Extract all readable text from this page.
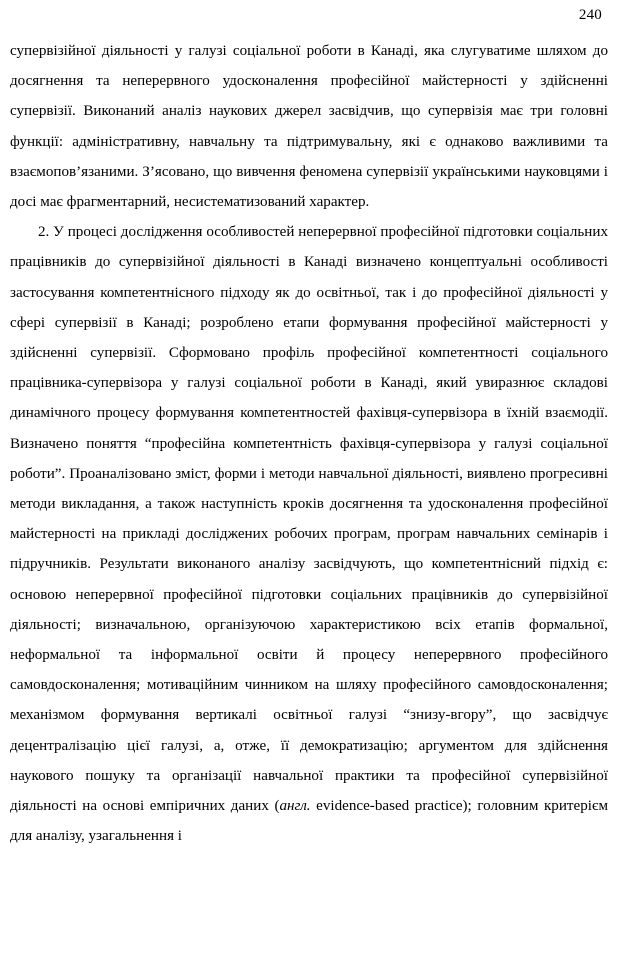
240

супервізійної діяльності у галузі соціальної роботи в Канаді, яка слугуватиме шляхом до досягнення та неперервного удосконалення професійної майстерності у здійсненні супервізії. Виконаний аналіз наукових джерел засвідчив, що супервізія має три головні функції: адміністративну, навчальну та підтримувальну, які є однаково важливими та взаємопов’язаними. З’ясовано, що вивчення феномена супервізії українськими науковцями і досі має фрагментарний, несистематизований характер.

2. У процесі дослідження особливостей неперервної професійної підготовки соціальних працівників до супервізійної діяльності в Канаді визначено концептуальні особливості застосування компетентнісного підходу як до освітньої, так і до професійної діяльності у сфері супервізії в Канаді; розроблено етапи формування професійної майстерності у здійсненні супервізії. Сформовано профіль професійної компетентності соціального працівника-супервізора у галузі соціальної роботи в Канаді, який увиразнює складові динамічного процесу формування компетентностей фахівця-супервізора в їхній взаємодії. Визначено поняття “професійна компетентність фахівця-супервізора у галузі соціальної роботи”. Проаналізовано зміст, форми і методи навчальної діяльності, виявлено прогресивні методи викладання, а також наступність кроків досягнення та удосконалення професійної майстерності на прикладі досліджених робочих програм, програм навчальних семінарів і підручників. Результати виконаного аналізу засвідчують, що компетентнісний підхід є: основою неперервної професійної підготовки соціальних працівників до супервізійної діяльності; визначальною, організуючою характеристикою всіх етапів формальної, неформальної та інформальної освіти й процесу неперервного професійного самовдосконалення; мотиваційним чинником на шляху професійного самовдосконалення; механізмом формування вертикалі освітньої галузі “знизу-вгору”, що засвідчує децентралізацію цієї галузі, а, отже, її демократизацію; аргументом для здійснення наукового пошуку та організації навчальної практики та професійної супервізійної діяльності на основі емпіричних даних (англ. evidence-based practice); головним критерієм для аналізу, узагальнення і
